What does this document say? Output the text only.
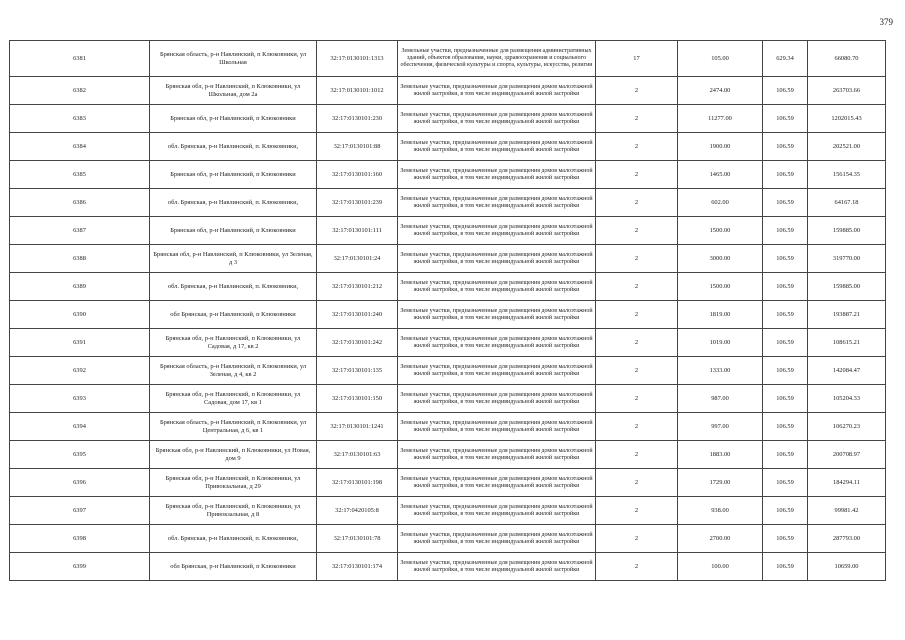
379
6381	Брянская область, р-н Навлинский, п Клюковники, ул Школьная	32:17:0130101:1313	Земельные участки, предназначенные для размещения административных зданий, объектов образования, науки, здравоохранения и социального обеспечения, физической культуры и спорта, культуры, искусства, религии	17	105.00	629.34	66080.70
6382	Брянская обл, р-н Навлинский, п Клюковники, ул Школьная, дом 2а	32:17:0130101:1012	Земельные участки, предназначенные для размещения домов малоэтажной жилой застройки, в том числе индивидуальной жилой застройки	2	2474.00	106.59	263703.66
6383	Брянская обл, р-н Навлинский, п Клюковники	32:17:0130101:230	Земельные участки, предназначенные для размещения домов малоэтажной жилой застройки, в том числе индивидуальной жилой застройки	2	11277.00	106.59	1202015.43
6384	обл. Брянская, р-н Навлинский, п. Клюковники,	32:17:0130101:88	Земельные участки, предназначенные для размещения домов малоэтажной жилой застройки, в том числе индивидуальной жилой застройки	2	1900.00	106.59	202521.00
6385	Брянская обл, р-н Навлинский, п Клюковники	32:17:0130101:160	Земельные участки, предназначенные для размещения домов малоэтажной жилой застройки, в том числе индивидуальной жилой застройки	2	1465.00	106.59	156154.35
6386	обл. Брянская, р-н Навлинский, п. Клюковники,	32:17:0130101:239	Земельные участки, предназначенные для размещения домов малоэтажной жилой застройки, в том числе индивидуальной жилой застройки	2	602.00	106.59	64167.18
6387	Брянская обл, р-н Навлинский, п Клюковники	32:17:0130101:111	Земельные участки, предназначенные для размещения домов малоэтажной жилой застройки, в том числе индивидуальной жилой застройки	2	1500.00	106.59	159885.00
6388	Брянская обл, р-н Навлинский, п Клюковники, ул Зеленая, д 3	32:17:0130101:24	Земельные участки, предназначенные для размещения домов малоэтажной жилой застройки, в том числе индивидуальной жилой застройки	2	3000.00	106.59	319770.00
6389	обл. Брянская, р-н Навлинский, п. Клюковники,	32:17:0130101:212	Земельные участки, предназначенные для размещения домов малоэтажной жилой застройки, в том числе индивидуальной жилой застройки	2	1500.00	106.59	159885.00
6390	обл Брянская, р-н Навлинский, п Клюковники	32:17:0130101:240	Земельные участки, предназначенные для размещения домов малоэтажной жилой застройки, в том числе индивидуальной жилой застройки	2	1819.00	106.59	193887.21
6391	Брянская обл, р-н Навлинский, п Клюковники, ул Садовая, д 17, кв 2	32:17:0130101:242	Земельные участки, предназначенные для размещения домов малоэтажной жилой застройки, в том числе индивидуальной жилой застройки	2	1019.00	106.59	108615.21
6392	Брянская область, р-н Навлинский, п Клюковники, ул Зеленая, д 4, кв 2	32:17:0130101:135	Земельные участки, предназначенные для размещения домов малоэтажной жилой застройки, в том числе индивидуальной жилой застройки	2	1333.00	106.59	142084.47
6393	Брянская обл, р-н Навлинский, п Клюковники, ул Садовая, дом 17, кв 1	32:17:0130101:150	Земельные участки, предназначенные для размещения домов малоэтажной жилой застройки, в том числе индивидуальной жилой застройки	2	987.00	106.59	105204.33
6394	Брянская область, р-н Навлинский, п Клюковники, ул Центральная, д 6, кв 1	32:17:0130101:1241	Земельные участки, предназначенные для размещения домов малоэтажной жилой застройки, в том числе индивидуальной жилой застройки	2	997.00	106.59	106270.23
6395	Брянская обл, р-н Навлинский, п Клюковники, ул Новая, дом 9	32:17:0130101:63	Земельные участки, предназначенные для размещения домов малоэтажной жилой застройки, в том числе индивидуальной жилой застройки	2	1883.00	106.59	200708.97
6396	Брянская обл, р-н Навлинский, п Клюковники, ул Привокзальная, д 29	32:17:0130101:198	Земельные участки, предназначенные для размещения домов малоэтажной жилой застройки, в том числе индивидуальной жилой застройки	2	1729.00	106.59	184294.11
6397	Брянская обл, р-н Навлинский, п Клюковники, ул Привокзальная, д 8	32:17:0420105:8	Земельные участки, предназначенные для размещения домов малоэтажной жилой застройки, в том числе индивидуальной жилой застройки	2	938.00	106.59	99981.42
6398	обл. Брянская, р-н Навлинский, п. Клюковники,	32:17:0130101:78	Земельные участки, предназначенные для размещения домов малоэтажной жилой застройки, в том числе индивидуальной жилой застройки	2	2700.00	106.59	287793.00
6399	обл Брянская, р-н Навлинский, п Клюковники	32:17:0130101:174	Земельные участки, предназначенные для размещения домов малоэтажной жилой застройки, в том числе индивидуальной жилой застройки	2	100.00	106.59	10659.00
